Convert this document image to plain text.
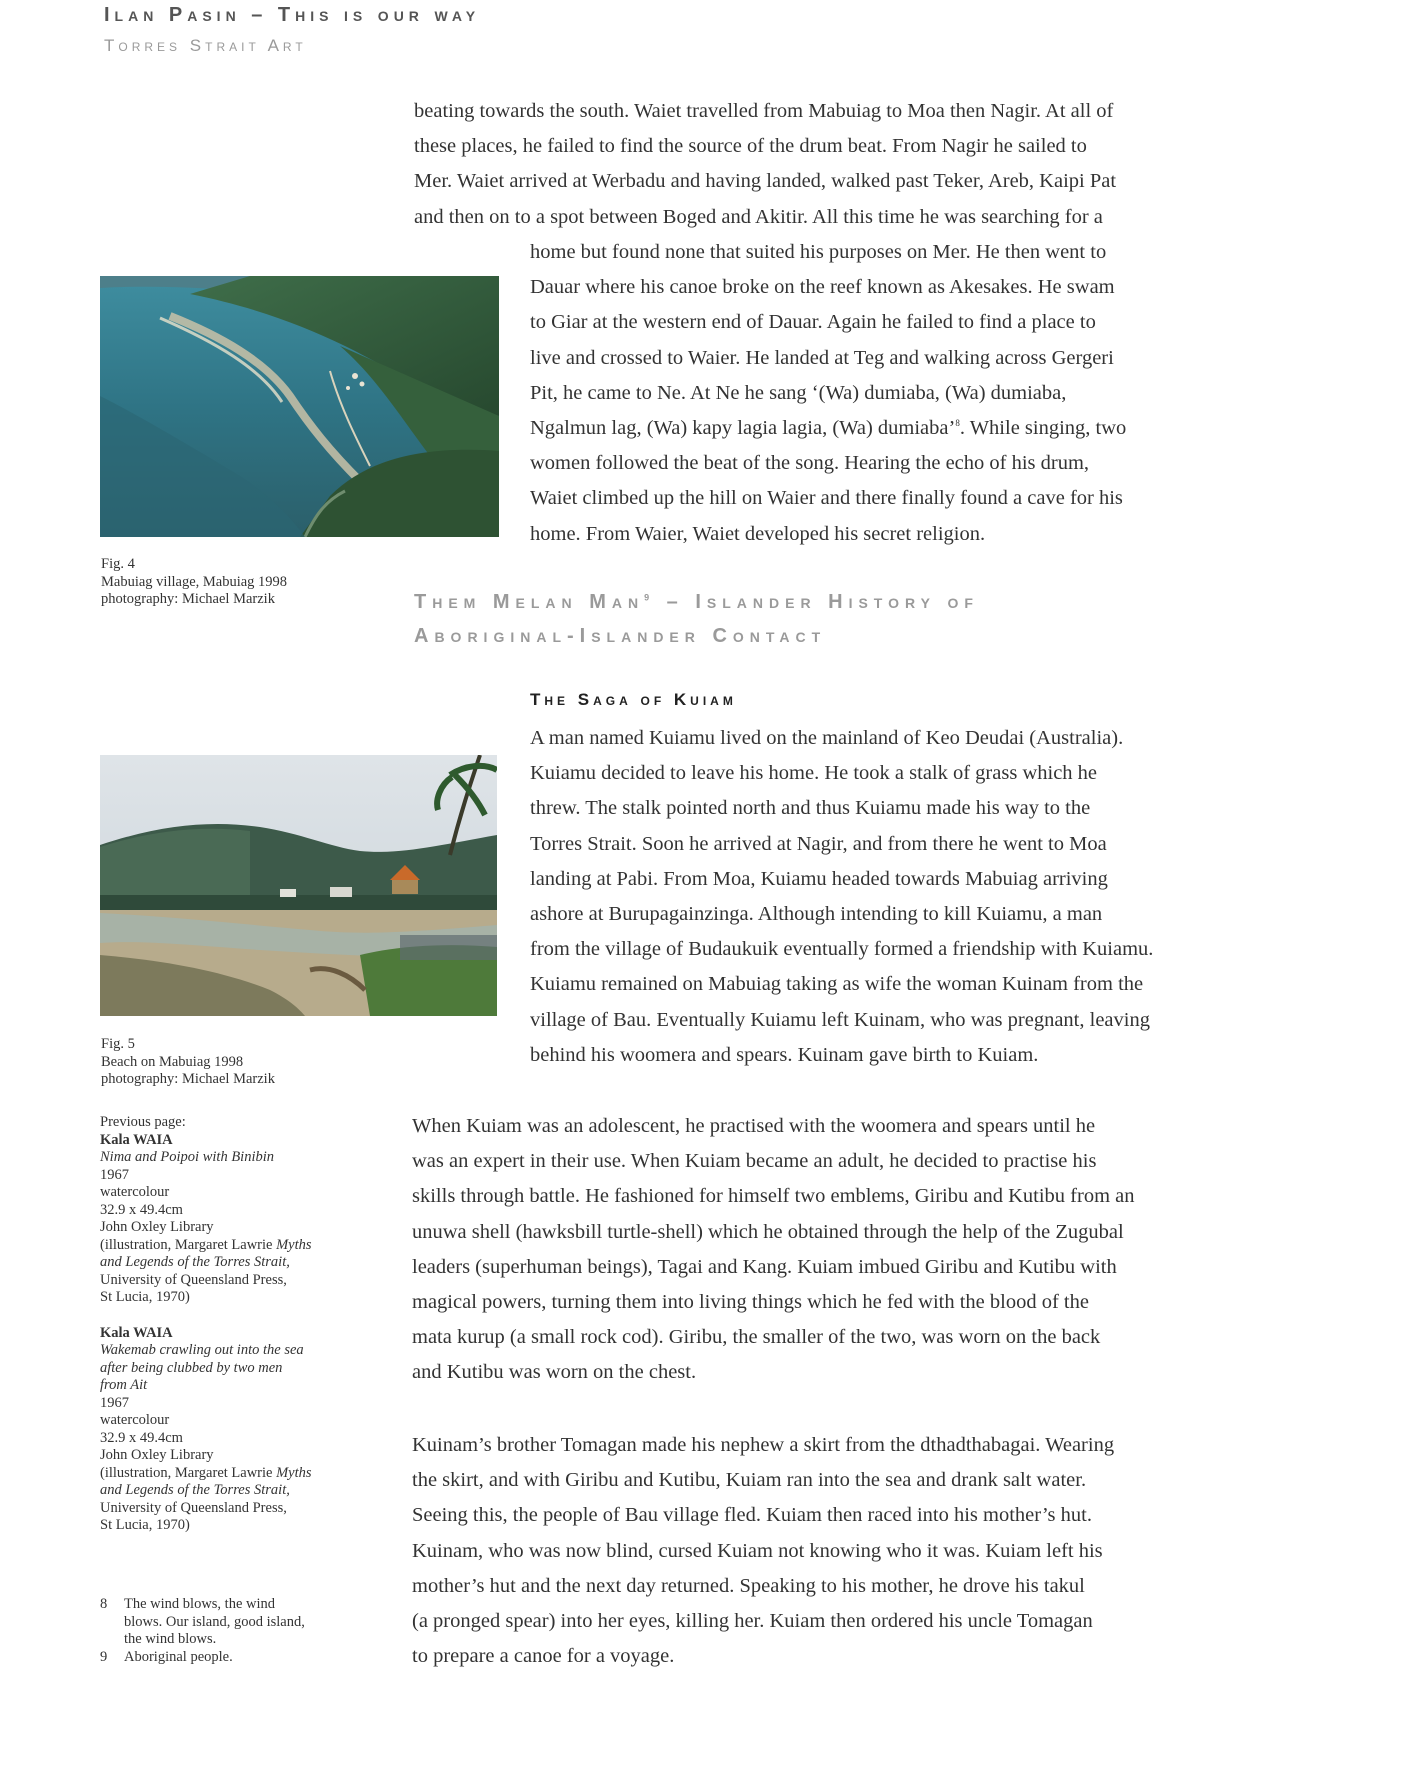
Ilan Pasin – This is our way
Torres Strait Art
beating towards the south. Waiet travelled from Mabuiag to Moa then Nagir. At all of
these places, he failed to find the source of the drum beat. From Nagir he sailed to
Mer. Waiet arrived at Werbadu and having landed, walked past Teker, Areb, Kaipi Pat
and then on to a spot between Boged and Akitir. All this time he was searching for a
home but found none that suited his purposes on Mer. He then went to
Dauar where his canoe broke on the reef known as Akesakes. He swam
to Giar at the western end of Dauar. Again he failed to find a place to
live and crossed to Waier. He landed at Teg and walking across Gergeri
Pit, he came to Ne. At Ne he sang ‘(Wa) dumiaba, (Wa) dumiaba,
Ngalmun lag, (Wa) kapy lagia lagia, (Wa) dumiaba’$^8$. While singing, two
women followed the beat of the song. Hearing the echo of his drum,
Waiet climbed up the hill on Waier and there finally found a cave for his
home. From Waier, Waiet developed his secret religion.
Fig. 4
Mabuiag village, Mabuiag 1998
photography: Michael Marzik	Them Melan Man$^9$ – Islander History of
Aboriginal-Islander Contact
The Saga of Kuiam
A man named Kuiamu lived on the mainland of Keo Deudai (Australia).
Kuiamu decided to leave his home. He took a stalk of grass which he
threw. The stalk pointed north and thus Kuiamu made his way to the
Torres Strait. Soon he arrived at Nagir, and from there he went to Moa
landing at Pabi. From Moa, Kuiamu headed towards Mabuiag arriving
ashore at Burupagainzinga. Although intending to kill Kuiamu, a man
from the village of Budaukuik eventually formed a friendship with Kuiamu.
Kuiamu remained on Mabuiag taking as wife the woman Kuinam from the
village of Bau. Eventually Kuiamu left Kuinam, who was pregnant, leaving
behind his woomera and spears. Kuinam gave birth to Kuiam.
Fig. 5
Beach on Mabuiag 1998
photography: Michael Marzik
Previous page:
Kala WAIA
Nima and Poipoi with Binibin
1967
watercolour
32.9 x 49.4cm
John Oxley Library
(illustration, Margaret Lawrie Myths
and Legends of the Torres Strait,
University of Queensland Press,
St Lucia, 1970)
Kala WAIA
Wakemab crawling out into the sea
after being clubbed by two men
from Ait
1967
watercolour
32.9 x 49.4cm
John Oxley Library
(illustration, Margaret Lawrie Myths
and Legends of the Torres Strait,
University of Queensland Press,
St Lucia, 1970)
When Kuiam was an adolescent, he practised with the woomera and spears until he
was an expert in their use. When Kuiam became an adult, he decided to practise his
skills through battle. He fashioned for himself two emblems, Giribu and Kutibu from an
unuwa shell (hawksbill turtle-shell) which he obtained through the help of the Zugubal
leaders (superhuman beings), Tagai and Kang. Kuiam imbued Giribu and Kutibu with
magical powers, turning them into living things which he fed with the blood of the
mata kurup (a small rock cod). Giribu, the smaller of the two, was worn on the back
and Kutibu was worn on the chest.
Kuinam’s brother Tomagan made his nephew a skirt from the dthadthabagai. Wearing
the skirt, and with Giribu and Kutibu, Kuiam ran into the sea and drank salt water.
Seeing this, the people of Bau village fled. Kuiam then raced into his mother’s hut.
Kuinam, who was now blind, cursed Kuiam not knowing who it was. Kuiam left his
mother’s hut and the next day returned. Speaking to his mother, he drove his takul
(a pronged spear) into her eyes, killing her. Kuiam then ordered his uncle Tomagan
to prepare a canoe for a voyage.
8	The wind blows, the wind
blows. Our island, good island,
the wind blows.
9	Aboriginal people.
